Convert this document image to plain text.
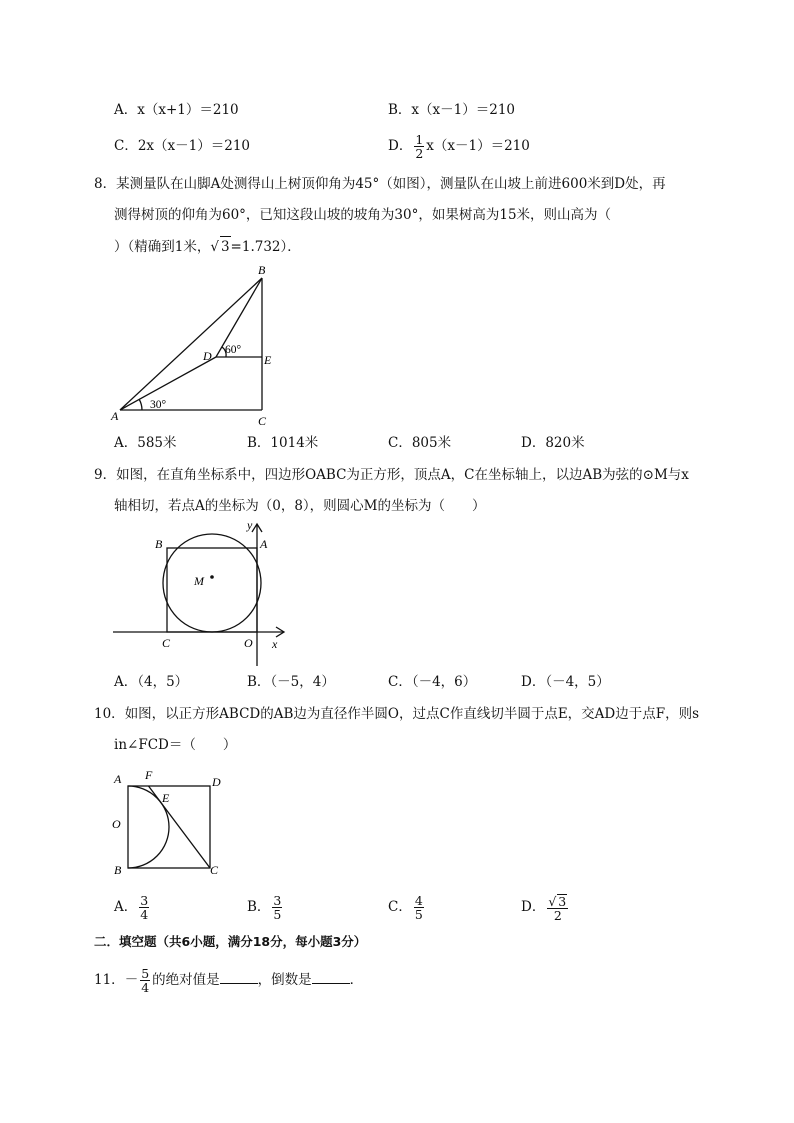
A．x（x+1）＝210	B．x（x－1）＝210
C．2x（x－1）＝210	D． $\frac{1}{2} x(x-1)=210$
8．某测量队在山脚A处测得山上树顶仰角为45°（如图），测量队在山坡上前进600米到D处，再
测得树顶的仰角为60°，已知这段山坡的坡角为30°，如果树高为15米，则山高为（
）（精确到1米，√ 3=1.732）．
B
A	C
D	E
60°
30°
A．585米	B．1014米	C．805米	D．820米
9．如图，在直角坐标系中，四边形OABC为正方形，顶点A，C在坐标轴上，以边AB为弦的⊙M与x
轴相切，若点A的坐标为（0，8），则圆心M的坐标为（　　）
B	A
y
M
C	O x
A．（4，5）	B．（－5，4）	C．（－4，6）	D．（－4，5）
10．如图，以正方形ABCD的AB边为直径作半圆O，过点C作直线切半圆于点E，交AD边于点F，则s
in∠FCD＝（　　）
A F	D
E
O
B	C
A． $\frac{3}{4}$	B． $\frac{3}{5}$	C． $\frac{4}{5}$	D． $\frac{√ 3}{2}$
二．填空题（共6小题，满分18分，每小题3分）
11．－ $\frac{5}{4}$ 的绝对值是	，倒数是	．
